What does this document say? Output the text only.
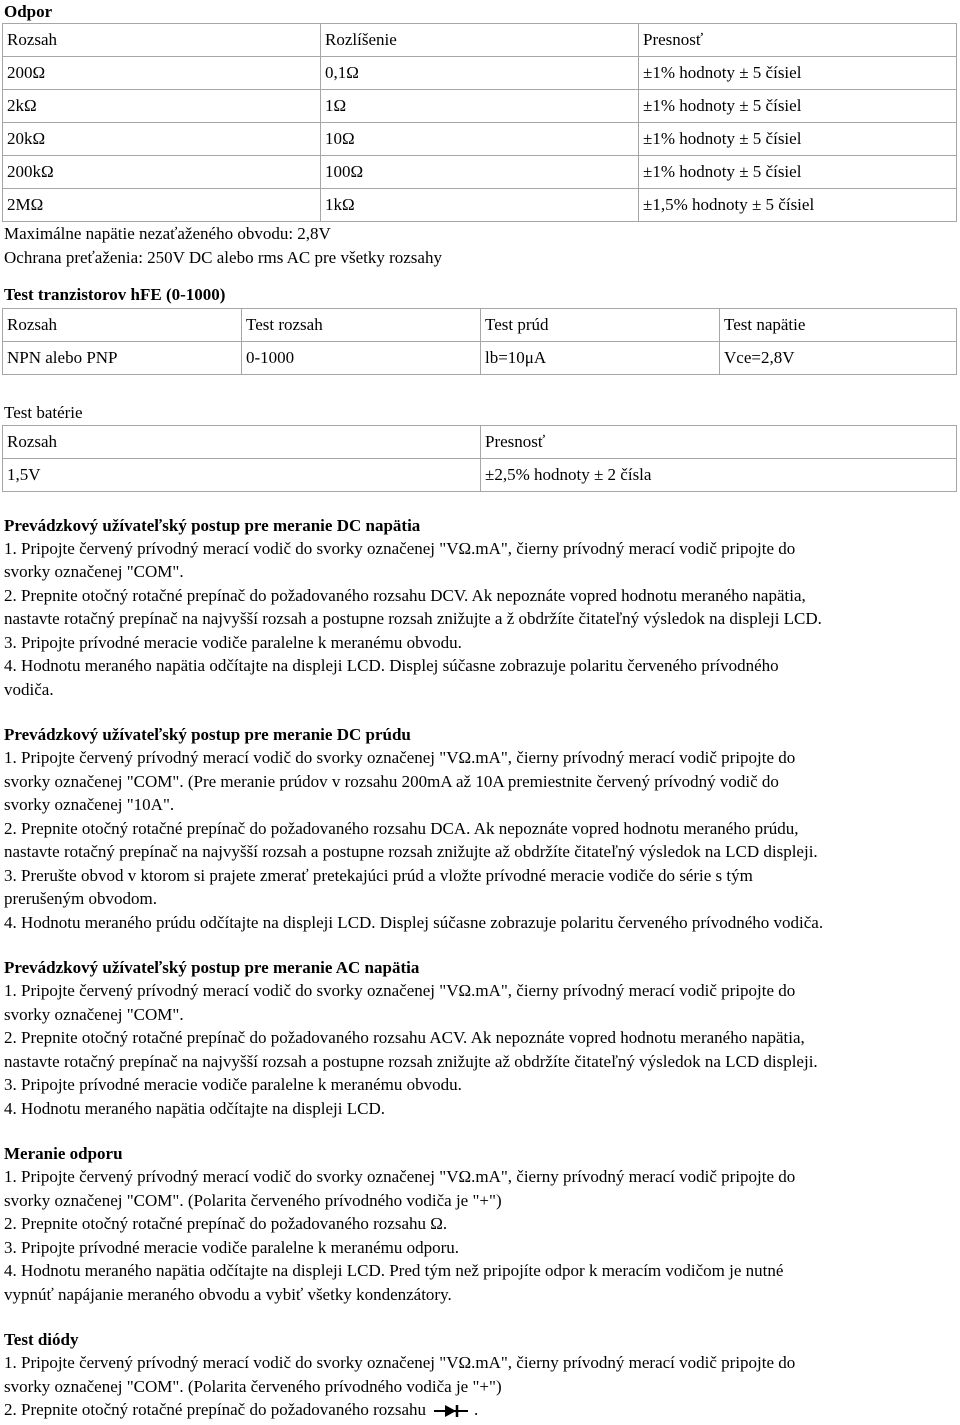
Odpor

Rozsah	Rozlíšenie	Presnosť
200Ω	0,1Ω	±1% hodnoty ± 5 čísiel
2kΩ	1Ω	±1% hodnoty ± 5 čísiel
20kΩ	10Ω	±1% hodnoty ± 5 čísiel
200kΩ	100Ω	±1% hodnoty ± 5 čísiel
2MΩ	1kΩ	±1,5% hodnoty ± 5 čísiel

Maximálne napätie nezaťaženého obvodu: 2,8V

Ochrana preťaženia: 250V DC alebo rms AC pre všetky rozsahy

Test tranzistorov hFE (0-1000)

Rozsah	Test rozsah	Test prúd	Test napätie
NPN alebo PNP	0-1000	lb=10μA	Vce=2,8V

Test batérie

Rozsah	Presnosť
1,5V	±2,5% hodnoty ± 2 čísla

Prevádzkový užívateľský postup pre meranie DC napätia

1. Pripojte červený prívodný merací vodič do svorky označenej "VΩ.mA", čierny prívodný merací vodič pripojte do

svorky označenej "COM".

2. Prepnite otočný rotačné prepínač do požadovaného rozsahu DCV. Ak nepoznáte vopred hodnotu meraného napätia,

nastavte rotačný prepínač na najvyšší rozsah a postupne rozsah znižujte a ž obdržíte čitateľný výsledok na displeji LCD.

3. Pripojte prívodné meracie vodiče paralelne k meranému obvodu.

4. Hodnotu meraného napätia odčítajte na displeji LCD. Displej súčasne zobrazuje polaritu červeného prívodného

vodiča.

Prevádzkový užívateľský postup pre meranie DC prúdu

1. Pripojte červený prívodný merací vodič do svorky označenej "VΩ.mA", čierny prívodný merací vodič pripojte do

svorky označenej "COM". (Pre meranie prúdov v rozsahu 200mA až 10A premiestnite červený prívodný vodič do

svorky označenej "10A".

2. Prepnite otočný rotačné prepínač do požadovaného rozsahu DCA. Ak nepoznáte vopred hodnotu meraného prúdu,

nastavte rotačný prepínač na najvyšší rozsah a postupne rozsah znižujte až obdržíte čitateľný výsledok na LCD displeji.

3. Prerušte obvod v ktorom si prajete zmerať pretekajúci prúd a vložte prívodné meracie vodiče do série s tým

prerušeným obvodom.

4. Hodnotu meraného prúdu odčítajte na displeji LCD. Displej súčasne zobrazuje polaritu červeného prívodného vodiča.

Prevádzkový užívateľský postup pre meranie AC napätia

1. Pripojte červený prívodný merací vodič do svorky označenej "VΩ.mA", čierny prívodný merací vodič pripojte do

svorky označenej "COM".

2. Prepnite otočný rotačné prepínač do požadovaného rozsahu ACV. Ak nepoznáte vopred hodnotu meraného napätia,

nastavte rotačný prepínač na najvyšší rozsah a postupne rozsah znižujte až obdržíte čitateľný výsledok na LCD displeji.

3. Pripojte prívodné meracie vodiče paralelne k meranému obvodu.

4. Hodnotu meraného napätia odčítajte na displeji LCD.

Meranie odporu

1. Pripojte červený prívodný merací vodič do svorky označenej "VΩ.mA", čierny prívodný merací vodič pripojte do

svorky označenej "COM". (Polarita červeného prívodného vodiča je "+")

2. Prepnite otočný rotačné prepínač do požadovaného rozsahu Ω.

3. Pripojte prívodné meracie vodiče paralelne k meranému odporu.

4. Hodnotu meraného napätia odčítajte na displeji LCD. Pred tým než pripojíte odpor k meracím vodičom je nutné

vypnúť napájanie meraného obvodu a vybiť všetky kondenzátory.

Test diódy

1. Pripojte červený prívodný merací vodič do svorky označenej "VΩ.mA", čierny prívodný merací vodič pripojte do

svorky označenej "COM". (Polarita červeného prívodného vodiča je "+")

2. Prepnite otočný rotačné prepínač do požadovaného rozsahu	.
